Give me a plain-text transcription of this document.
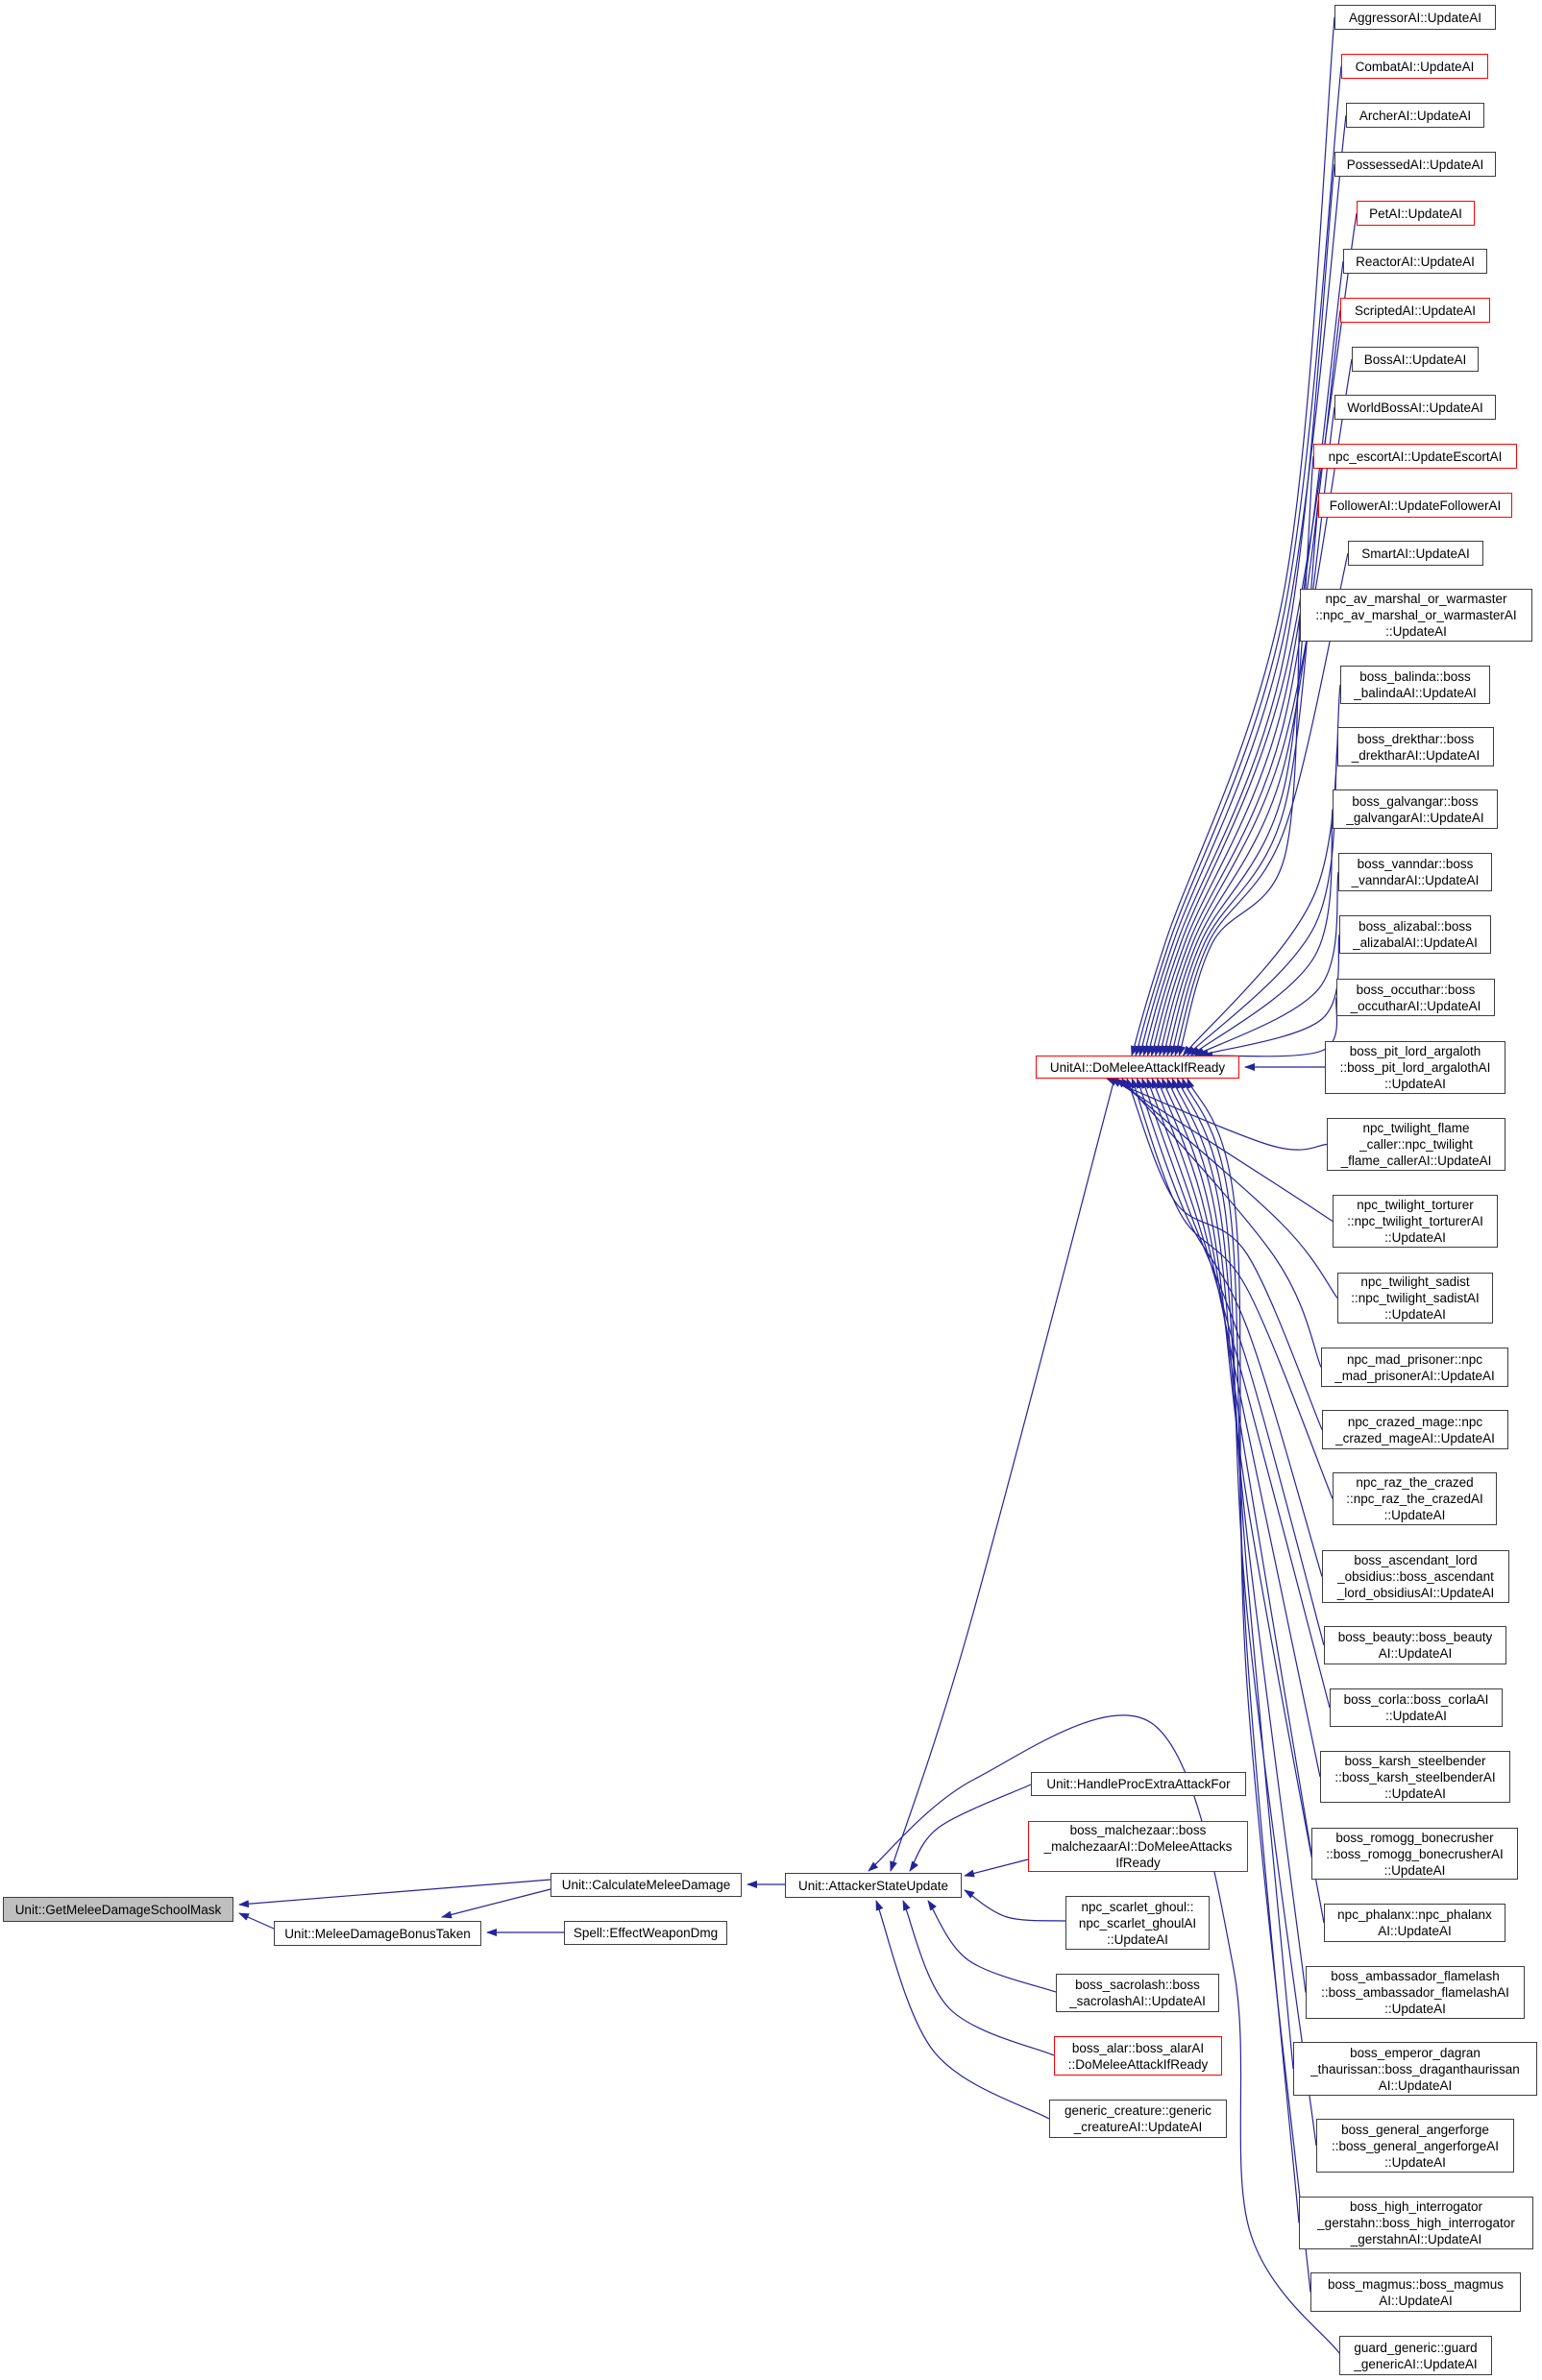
Unit::GetMeleeDamageSchoolMask
Unit::MeleeDamageBonusTaken	Spell::EffectWeaponDmg
Unit::CalculateMeleeDamage	Unit::AttackerStateUpdate
UnitAI::DoMeleeAttackIfReady
Unit::HandleProcExtraAttackFor
boss_malchezaar::boss
_malchezaarAI::DoMeleeAttacks
IfReady
npc_scarlet_ghoul::
npc_scarlet_ghoulAI
::UpdateAI
boss_sacrolash::boss
_sacrolashAI::UpdateAI
boss_alar::boss_alarAI
::DoMeleeAttackIfReady
generic_creature::generic
_creatureAI::UpdateAI
AggressorAI::UpdateAI
CombatAI::UpdateAI
ArcherAI::UpdateAI
PossessedAI::UpdateAI
PetAI::UpdateAI
ReactorAI::UpdateAI
ScriptedAI::UpdateAI
BossAI::UpdateAI
WorldBossAI::UpdateAI
npc_escortAI::UpdateEscortAI
FollowerAI::UpdateFollowerAI
SmartAI::UpdateAI
npc_av_marshal_or_warmaster
::npc_av_marshal_or_warmasterAI
::UpdateAI
boss_balinda::boss
_balindaAI::UpdateAI
boss_drekthar::boss
_drektharAI::UpdateAI
boss_galvangar::boss
_galvangarAI::UpdateAI
boss_vanndar::boss
_vanndarAI::UpdateAI
boss_alizabal::boss
_alizabalAI::UpdateAI
boss_occuthar::boss
_occutharAI::UpdateAI
boss_pit_lord_argaloth
::boss_pit_lord_argalothAI
::UpdateAI
npc_twilight_flame
_caller::npc_twilight
_flame_callerAI::UpdateAI
npc_twilight_torturer
::npc_twilight_torturerAI
::UpdateAI
npc_twilight_sadist
::npc_twilight_sadistAI
::UpdateAI
npc_mad_prisoner::npc
_mad_prisonerAI::UpdateAI
npc_crazed_mage::npc
_crazed_mageAI::UpdateAI
npc_raz_the_crazed
::npc_raz_the_crazedAI
::UpdateAI
boss_ascendant_lord
_obsidius::boss_ascendant
_lord_obsidiusAI::UpdateAI
boss_beauty::boss_beauty
AI::UpdateAI
boss_corla::boss_corlaAI
::UpdateAI
boss_karsh_steelbender
::boss_karsh_steelbenderAI
::UpdateAI
boss_romogg_bonecrusher
::boss_romogg_bonecrusherAI
::UpdateAI
npc_phalanx::npc_phalanx
AI::UpdateAI
boss_ambassador_flamelash
::boss_ambassador_flamelashAI
::UpdateAI
boss_emperor_dagran
_thaurissan::boss_draganthaurissan
AI::UpdateAI
boss_general_angerforge
::boss_general_angerforgeAI
::UpdateAI
boss_high_interrogator
_gerstahn::boss_high_interrogator
_gerstahnAI::UpdateAI
boss_magmus::boss_magmus
AI::UpdateAI
guard_generic::guard
_genericAI::UpdateAI
